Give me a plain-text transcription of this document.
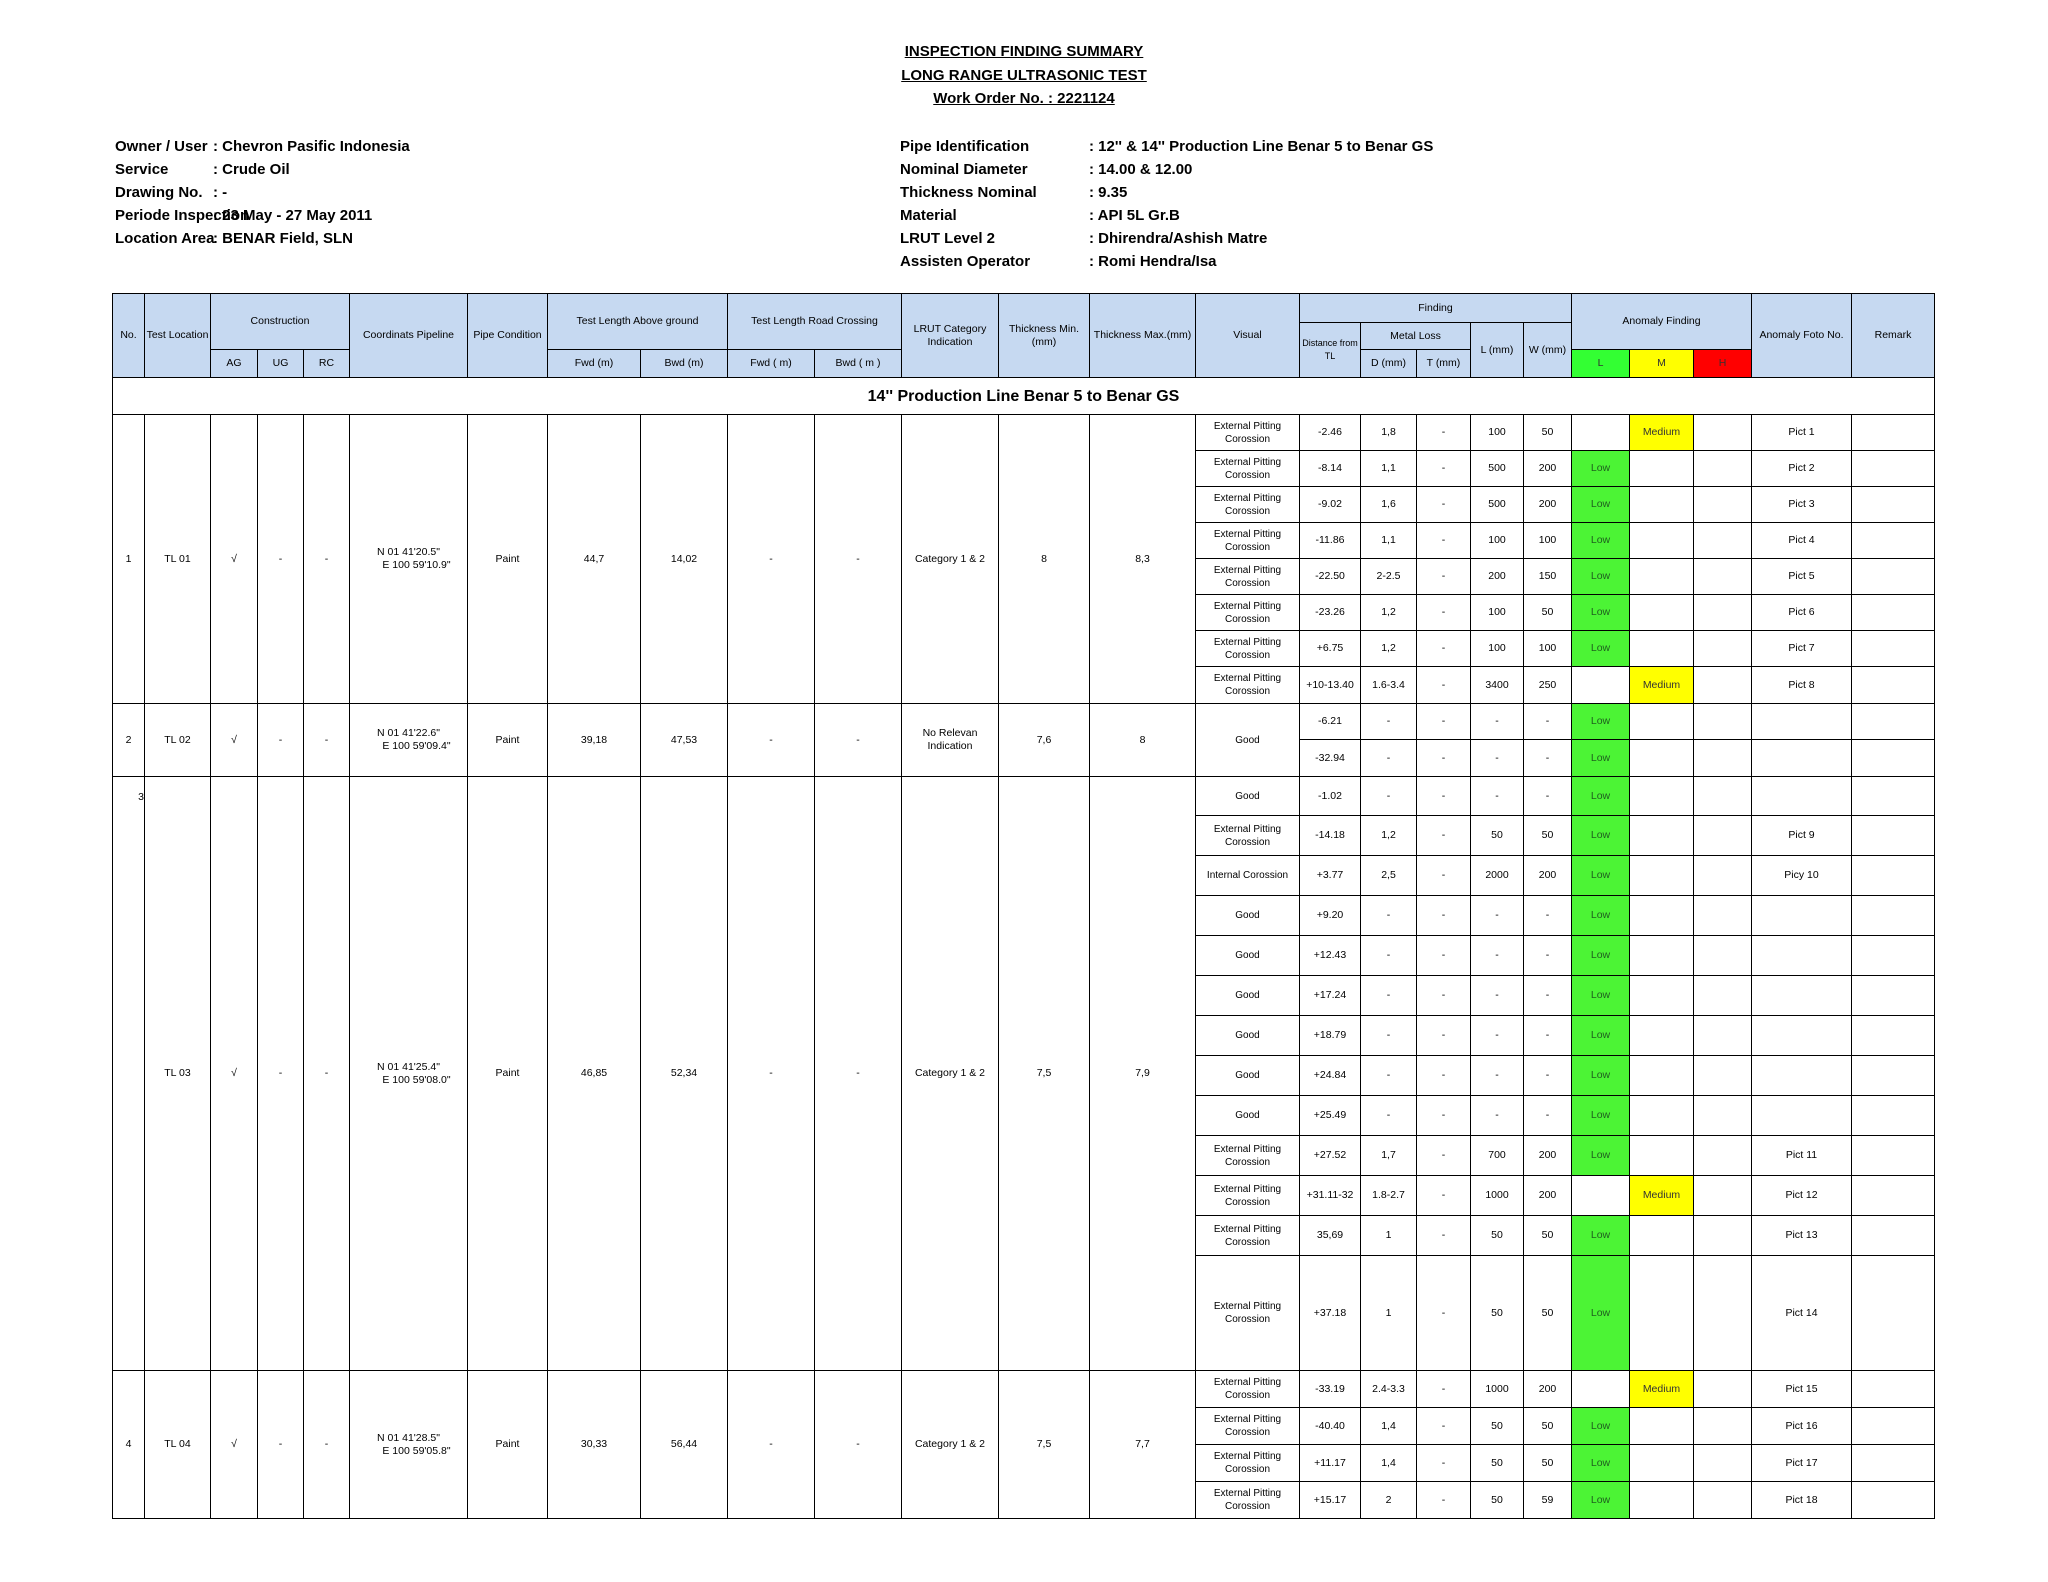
INSPECTION FINDING SUMMARY
LONG RANGE ULTRASONIC TEST
Work Order No. : 2221124
Owner / User : Chevron Pasific Indonesia
Service	: Crude Oil
Drawing No. : -
Periode Inspection
: 23 May - 27 May 2011
Location Area
: BENAR Field, SLN
Pipe Identification	: 12'' & 14'' Production Line Benar 5 to Benar GS
Nominal Diameter	: 14.00 & 12.00
Thickness Nominal	: 9.35
Material	: API 5L Gr.B
LRUT Level 2	: Dhirendra/Ashish Matre
Assisten Operator	: Romi Hendra/Isa
No.	Test Location	Construction			Coordinats Pipeline	Pipe Condition	Test Length Above ground		Test Length Road Crossing		LRUT Category Indication	Thickness Min.(mm)	Thickness Max.(mm)	Visual	Finding					Anomaly Finding			Anomaly Foto No.	Remark
															Distance from TL	Metal Loss		L (mm)	W (mm)					
		AG	UG	RC			Fwd (m)	Bwd (m)	Fwd ( m)	Bwd ( m )						D (mm)	T (mm)			L	M	H		
14'' Production Line Benar 5 to Benar GS																								
1	TL 01	√	-	-	N 01 41'20.5"
E 100 59'10.9"	Paint	44,7	14,02	-	-	Category 1 & 2	8	8,3	External Pitting Corossion	-2.46	1,8	-	100	50		Medium		Pict 1	
														External Pitting Corossion	-8.14	1,1	-	500	200	Low			Pict 2	
														External Pitting Corossion	-9.02	1,6	-	500	200	Low			Pict 3	
														External Pitting Corossion	-11.86	1,1	-	100	100	Low			Pict 4	
														External Pitting Corossion	-22.50	2-2.5	-	200	150	Low			Pict 5	
														External Pitting Corossion	-23.26	1,2	-	100	50	Low			Pict 6	
														External Pitting Corossion	+6.75	1,2	-	100	100	Low			Pict 7	
														External Pitting Corossion	+10-13.40	1.6-3.4	-	3400	250		Medium		Pict 8	
2	TL 02	√	-	-	N 01 41'22.6"
E 100 59'09.4"	Paint	39,18	47,53	-	-	No Relevan Indication	7,6	8	Good	-6.21	-	-	-	-	Low				
															-32.94	-	-	-	-	Low				
3	TL 03	√	-	-	N 01 41'25.4"
E 100 59'08.0"	Paint	46,85	52,34	-	-	Category 1 & 2	7,5	7,9	Good	-1.02	-	-	-	-	Low				
														External Pitting Corossion	-14.18	1,2	-	50	50	Low			Pict 9	
														Internal Corossion	+3.77	2,5	-	2000	200	Low			Picy 10	
														Good	+9.20	-	-	-	-	Low				
														Good	+12.43	-	-	-	-	Low				
														Good	+17.24	-	-	-	-	Low				
														Good	+18.79	-	-	-	-	Low				
														Good	+24.84	-	-	-	-	Low				
														Good	+25.49	-	-	-	-	Low				
														External Pitting Corossion	+27.52	1,7	-	700	200	Low			Pict 11	
														External Pitting Corossion	+31.11-32	1.8-2.7	-	1000	200		Medium		Pict 12	
														External Pitting Corossion	35,69	1	-	50	50	Low			Pict 13	
														External Pitting Corossion	+37.18	1	-	50	50	Low			Pict 14	
4	TL 04	√	-	-	N 01 41'28.5"
E 100 59'05.8"	Paint	30,33	56,44	-	-	Category 1 & 2	7,5	7,7	External Pitting Corossion	-33.19	2.4-3.3	-	1000	200		Medium		Pict 15	
														External Pitting Corossion	-40.40	1,4	-	50	50	Low			Pict 16	
														External Pitting Corossion	+11.17	1,4	-	50	50	Low			Pict 17	
														External Pitting Corossion	+15.17	2	-	50	59	Low			Pict 18	
